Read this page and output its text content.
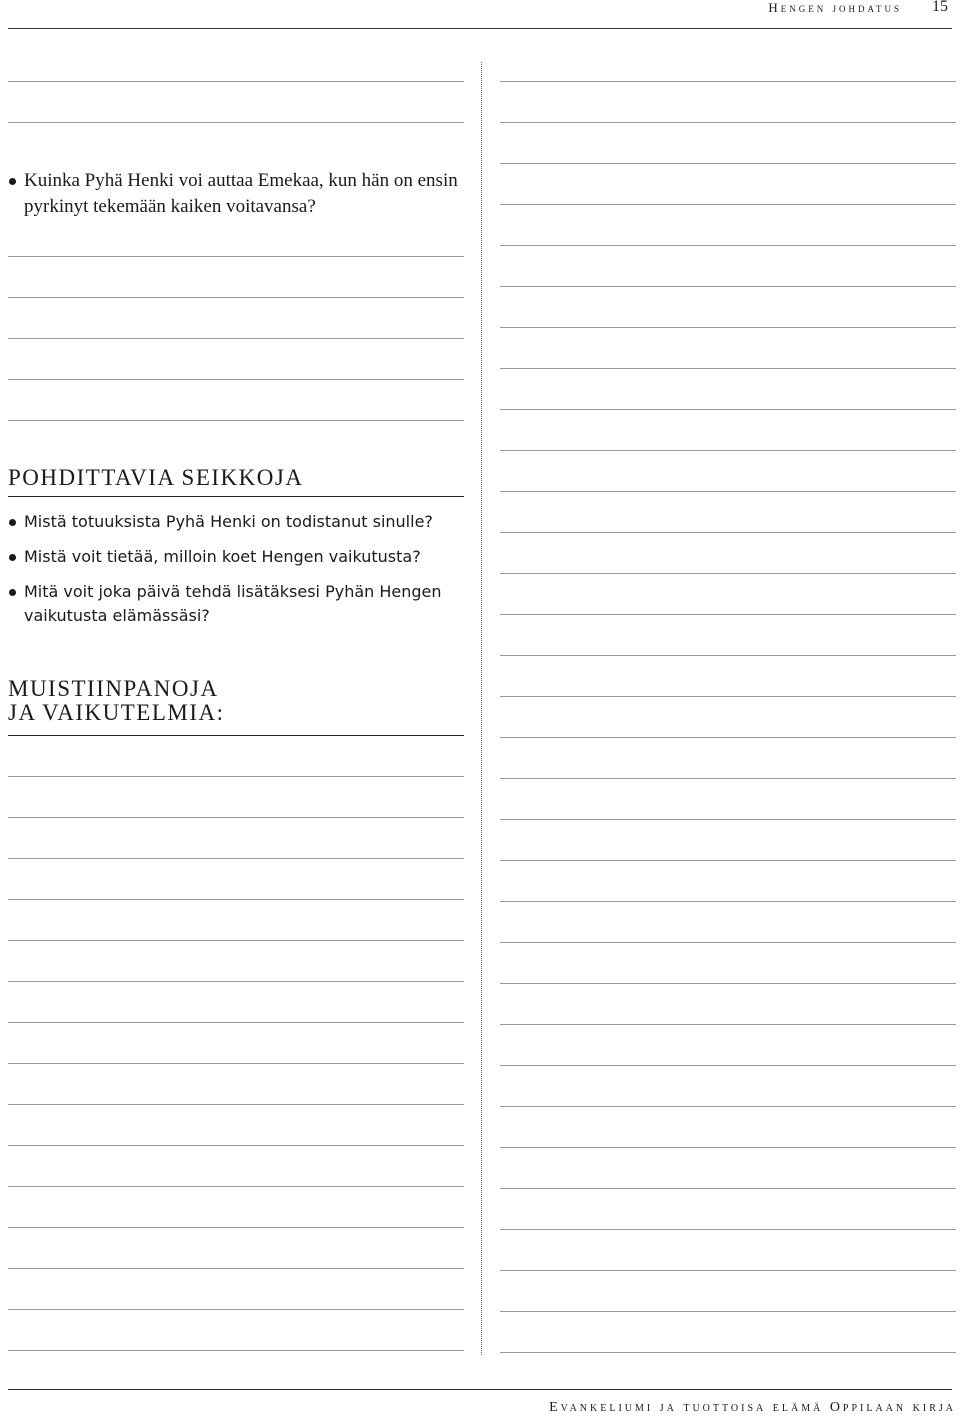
Hengen johdatus 15
Kuinka Pyhä Henki voi auttaa Emekaa, kun hän on ensin pyrkinyt tekemään kaiken voitavansa?
POHDITTAVIA SEIKKOJA
Mistä totuuksista Pyhä Henki on todistanut sinulle?
Mistä voit tietää, milloin koet Hengen vaikutusta?
Mitä voit joka päivä tehdä lisätäksesi Pyhän Hengen vaikutusta elämässäsi?
MUISTIINPANOJA
JA VAIKUTELMIA:
Evankeliumi ja tuottoisa elämä Oppilaan kirja
